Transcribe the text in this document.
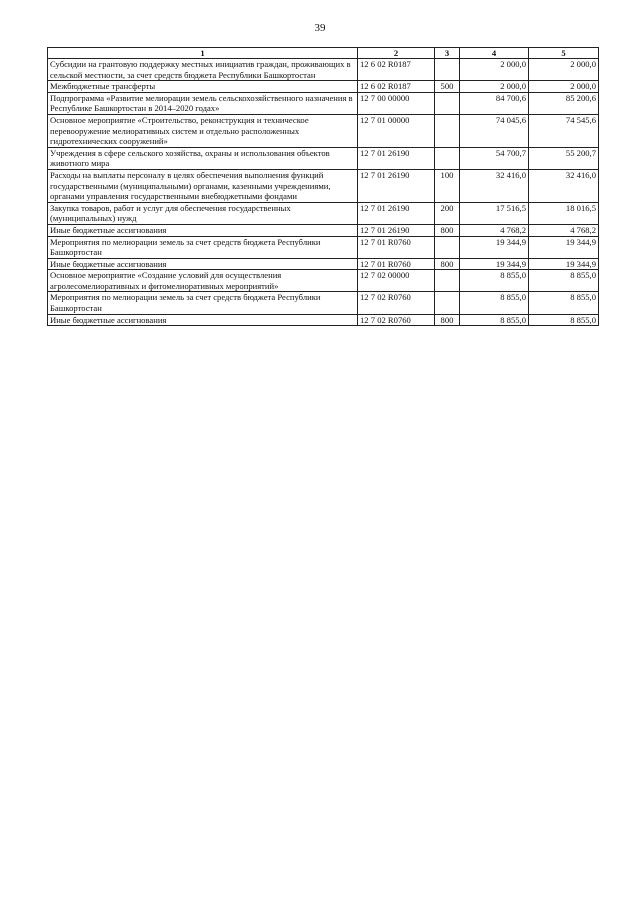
39
1	2	3	4	5
Субсидии на грантовую поддержку местных инициатив граждан, проживающих в сельской местности, за счет средств бюджета Республики Башкортостан	12 6 02 R0187		2 000,0	2 000,0
Межбюджетные трансферты	12 6 02 R0187	500	2 000,0	2 000,0
Подпрограмма «Развитие мелиорации земель сельскохозяйственного назначения в Республике Башкортостан в 2014–2020 годах»	12 7 00 00000		84 700,6	85 200,6
Основное мероприятие «Строительство, реконструкция и техническое перевооружение мелиоративных систем и отдельно расположенных гидротехнических сооружений»	12 7 01 00000		74 045,6	74 545,6
Учреждения в сфере сельского хозяйства, охраны и использования объектов животного мира	12 7 01 26190		54 700,7	55 200,7
Расходы на выплаты персоналу в целях обеспечения выполнения функций государственными (муниципальными) органами, казенными учреждениями, органами управления государственными внебюджетными фондами	12 7 01 26190	100	32 416,0	32 416,0
Закупка товаров, работ и услуг для обеспечения государственных (муниципальных) нужд	12 7 01 26190	200	17 516,5	18 016,5
Иные бюджетные ассигнования	12 7 01 26190	800	4 768,2	4 768,2
Мероприятия по мелиорации земель за счет средств бюджета Республики Башкортостан	12 7 01 R0760		19 344,9	19 344,9
Иные бюджетные ассигнования	12 7 01 R0760	800	19 344,9	19 344,9
Основное мероприятие «Создание условий для осуществления агролесомелиоративных и фитомелиоративных мероприятий»	12 7 02 00000		8 855,0	8 855,0
Мероприятия по мелиорации земель за счет средств бюджета Республики Башкортостан	12 7 02 R0760		8 855,0	8 855,0
Иные бюджетные ассигнования	12 7 02 R0760	800	8 855,0	8 855,0
